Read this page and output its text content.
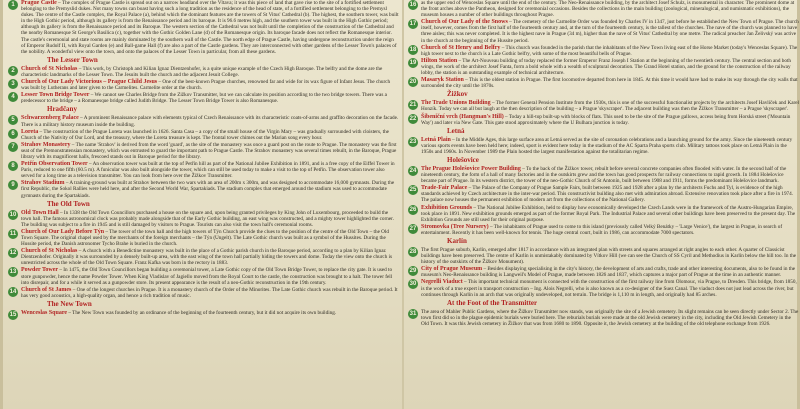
1	Prague Castle – The complex of Prague Castle is spread out on a narrow headland over the Vltava; it was this piece of land that gave rise to the site of a fortified settlement belonging to the Premyslid dukes. Not many towns can boast having such a long tradition as the residence of the head of state, of a fortified settlement belonging to the Premysl dukes. The centre of the Castle complex, the Royal Palace (a), behind which the dominant features are the towers of St Vitus' Cathedral (b). The highest, the southern tower, was built in the High Gothic period, although its gallery is from the Renaissance period and its baroque. It is 96.6 metres high, and the southern tower was built in the High Gothic period; although its gallery is from the Renaissance period and its Baroque. The western section of the Cathedral was not built until the completion of the construction of the Cathedral and the nearby Romanesque St George's Basilica (c), together with the Gothic Golden Lane (d) of the Romanesque origin. Its baroque facade does not reflect the Romanesque interior. The castle's ceremonial and state rooms are mainly dominated by the southern wall of the Castle. The north edge of Prague Castle, having undergone reconstruction under the reign of Emperor Rudolf II, with Royal Garden (e) and Ball-game Hall (f) are also a part of the Castle gardens. They are interconnected with other gardens of the Lesser Town's palaces of the nobility. A wonderful view onto the town, and onto the palaces of the Lesser Town in particular, from all these gardens.
The Lesser Town
2	Church of St Nicholas – This work, by Christoph and Kilian Ignaz Dientzenhofer, is a quite unique example of the Czech High Baroque. The belfry and the dome are the characteristic landmarks of the Lesser Town. The Jesuits built the church and the adjacent Jesuit College.
3	Church of Our Lady Victorious – Prague Child Jesus – One of the best-known Prague churches, renowned far and wide for its wax figure of Infant Jesus. The church was built by Lutherans and later given to the Carmelites. Carmelite order at the church.
4	Lesser Town Bridge Tower – We cannot see Charles Bridge from the Zižkov Transmitter, but we can calculate its position according to the two bridge towers. There was a predecessor to the bridge – a Romanesque bridge called Judith Bridge. The Lesser Town Bridge Tower is also Romanesque.
Hradčany
5	Schwarzenberg Palace – A prominent Renaissance palace with elements typical of Czech Renaissance with its characteristic coats-of-arms and graffito decoration on the facade. There is a military history museum inside the building.
6	Loreta – The construction of the Prague Loreta was launched in 1626. Santa Casa – a copy of the small house of the Virgin Mary – was gradually surrounded with cloisters, the Church of the Nativity of Our Lord, and the treasury, where the Loreta treasure is kept. The frontal tower chimes out the Marian song every hour.
7	Strahov Monastery – The name 'Strahov' is derived from the word 'guard', as the site of the monastery was once a guard post on the route to Prague. The monastery was the first seat of the Premonstratensian monastery, which was entrusted to guard the important path to Prague Castle. The Strahov monastery was several times rebuilt, in the Baroque, Prague library with its magnificent halls, frescoed stands out in Baroque period for the library.
8	Petřín Observation Tower – An observation tower was built at the top of Petřín hill as part of the National Jubilee Exhibition in 1891, and is a free copy of the Eiffel Tower in Paris, reduced to one fifth (60.5 m). A funicular was also built alongside the tower, which can still be used today to make a visit to the top of Petřín. The observation tower also served for a long time as a television transmitter. You can look from here over the Žižkov Transmitter.
9	Strahov Stadium – A training-ground was built at Strahov between the two wars with an area of 200m x 300m, and was designed to accommodate 16,000 gymnasts. During the first Republic, the Sokol Rallies were held here, and after the Second World War, Spartakiads. The stadium complex that emerged around the stadium was used to accommodate gymnasts during the Spartakiads.
The Old Town
10 Old Town Hall – In 1338 the Old Town Councillors purchased a house on the square and, upon being granted privileges by King John of Luxembourg, proceeded to build the town hall. The famous astronomical clock was probably made alongside that of the Early Gothic building, an east wing was constructed, and a mighty tower highlighted the corner. The building was subject to a fire in 1945 and is still damaged by visitors to Prague. Tourists can also visit the town hall's ceremonial rooms.
11 Church of Our Lady Before Týn – The tower of the town hall and the high towers of Týn Church provide the clues to the position of the centre of the Old Town – the Old Town Square. The original chapel used by the merchants of the foreign merchants – the Týn (Ungelt). The Late Gothic church was built as a symbol of the Hussites. During the Hussite period, the Danish astronomer Tycho Brahe is buried in the church.
12 Church of St Nicholas – A church with a Benedictine monastery was built in the place of a Gothic parish church in the Baroque period, according to a plan by Kilian Ignaz Dientzenhofer. Originally it was surrounded by a densely built-up area, with the east wing of the town hall partially hiding the towers and dome. Today the view onto the church is unrestricted across the whole of the Old Town Square. Franz Kafka was born in the rectory in 1883.
13 Powder Tower – In 1475, the Old Town Councillors began building a ceremonial tower, a Late Gothic copy of the Old Town Bridge Tower, to replace the city gate. It is used to store gunpowder, hence the name Powder Tower. When King Vladislav of Jagiello moved from the Royal Court to the castle, the construction was brought to a halt. The tower fell into disrepair, and for a while it served as a gunpowder store. Its present appearance is the result of a neo-Gothic reconstruction in the 19th century.
14 Church of St James – One of the longest churches in Prague. It is a monastery church of the Order of the Minorites. The Late Gothic church was rebuilt in the Baroque period. It has very good acoustics, a high-quality organ, and hence a rich tradition of music.
The New Town
15 Wenceslas Square – The New Town was founded by an ordinance of the beginning of the fourteenth century, but it did not acquire its own building.
16 as the upper end of Wenceslas Square until the end of the century. The Neo-Renaissance building, by the architect Josef Schulz, is monumental in character. The prominent dome at the front arches above the Pantheon, designed for ceremonial occasions. Besides the collections in the main building (zoological, mineralogical, and numismatic exhibitions), the museum houses a number of other buildings throughout Prague.
17 Church of Our Lady of the Snows – The cemetery of the Carmelite Order was founded by Charles IV in 1347, just before he established the New Town of Prague. The church itself, however, comes from the first half of the fourteenth century and, at the turn of the fourteenth century, is the tallest of the churches. The nave of the church was planned to have three aisles; this was never completed. It is the highest nave in Prague (34 m), higher than the nave of St Vitus' Cathedral by one metre. The radical preacher Jan Želivský was active in the church at the beginning of the Hussite period.
18 Church of St Henry and Belfry – This church was founded in the parish that the inhabitants of the New Town living east of the Horse Market (today's Wenceslas Square). The high tower next to the church is a Late Gothic belfry, with some of the most beautiful bells of Prague.
19 Hilton Station – The Art-Nouveau building of today replaced the former Emperor Franz Joseph I Station at the beginning of the twentieth century. The central section and both wings, the work of the architect Josef Fanta, form a bold whole with a wealth of sculptural decoration. The Grand Hotel station, and the ground for the construction of the railway lobby, the station is an outstanding example of technical architecture.
20 Masaryk Station – This is the oldest station in Prague. The first locomotive departed from here in 1845. At this time it would have had to make its way through the city walls that surrounded the city until the 1870s.
Žižkov
21 The Trade Unions Building – The former General Pension Institute from the 1930s, this is one of the successful functionalist projects by the architects Josef Havlíček and Karel Honzík. Today we can all but laugh at the then description of the building – a Prague 'skyscraper'. The adjacent building was then the Žižkov Transmitter – a Prague 'skyscraper'.
22 Šibeniční vrch (Hangman's Hill) – Today a hill-top built-up with blocks of flats. This used to be the site of the Prague gallows, access being from Horská street ('Mountain Way') and later via New Gate. This gate stood approximately where the U Bulhara junction is today.
Letná
23 Letná Plain – In the Middle Ages, this large surface area at Letná served as the site of coronation celebrations and a launching ground for the army. Since the nineteenth century various sports events have been held here; indeed, sport is evident here today in the stadium of the AC Sparta Praha sports club. Military tattoos took place on Letná Plain in the 1950s and 1960s. In November 1989 the Plain hosted the largest manifestation against the totalitarian regime.
Holešovice
24 The Prague Holešovice Power Building – To the back of the Žižkov tower, rebuilt before several concrete companies often flooded with water. In the second half of the nineteenth century, the form of a hall of many factories and in the outskirts grew and the town has good prospects for railway connections to rapid growth. In 1884 Holešovice became part of Prague. In its western district, the tower of the neo-Gothic Church of St Antonín, built between 1908 and 1911, forms the predominant Holešovice landmark.
25 Trade-Fair Palace – The Palace of the Company of Prague Sample Fairs, built between 1925 and 1928 after a plan by the architects Fuchs and Tyl, is evidence of the high standards achieved by Czech architecture in the inter-war period. This constructivist building also met with admiration abroad. Extensive renovation took place after a fire in 1974. The palace now houses the permanent exhibition of modern art from the collections of the National Gallery.
26 Exhibition Grounds – The National Jubilee Exhibition, held to display how economically developed the Czech Lands were in the framework of the Austro-Hungarian Empire, took place in 1891. New exhibition grounds emerged as part of the former Royal Park. The Industrial Palace and several other buildings have been preserved to the present day. The Exhibition Grounds are still used for their original purpose.
27 Stromovka (Tree Nursery) – The inhabitants of Prague used to come to this island (previously called Velký Benátky – 'Large Venice'), the largest in Prague, in search of entertainment. Recently it has been well-known for tennis. The huge central court, built in 1986, can accommodate 7000 spectators.
Karlín
28 The first Prague suburb, Karlín, emerged after 1817 in accordance with an integrated plan with streets and squares arranged at right angles to each other. A quarter of Classicist buildings have been preserved. The centre of Karlín is unmistakably dominated by Vítkov Hill (we can see the Church of SS Cyril and Methodius in Karlín below the hill too. In the history of the outskirts of the Žižkov Monument).
29 City of Prague Museum – Besides displaying specialising in the city's history, the development of arts and crafts, trade and other interesting documents, also to be found in the museum's Neo-Renaissance building is Langweil's Model of Prague, made between 1826 and 1837, which captures a major part of Prague at the time in an authentic manner.
30 Negrelli Viaduct – This important technical monument is connected with the construction of the first railway line from Olomouc, via Prague, to Dresden. This bridge, from 1850, is the work of a true expert in transport construction – Ing. Alois Negrelli, who is also known as a co-designer of the Suez Canal. The viaduct does not just lead across the river, but continues through Karlín in an arch that was originally undeveloped, not terrain. The bridge is 1,110 m in length, and originally had 85 arches.
At the Foot of the Transmitter
31 The area of Mahler Public Gardens, where the Žižkov Transmitter now stands, was originally the site of a Jewish cemetery. Its slight remains can be seen directly under Sector 2. The town first did so in the plague epidemic burials were buried here. The reburials burials were made at the old Jewish cemetery in the city, including the Old Jewish Cemetery in the Old Town. It was this Jewish cemetery in Žižkov that was from 1680 to 1890. Opposite it, the Jewish cemetery at the building of the old telephone exchange from 1926.
